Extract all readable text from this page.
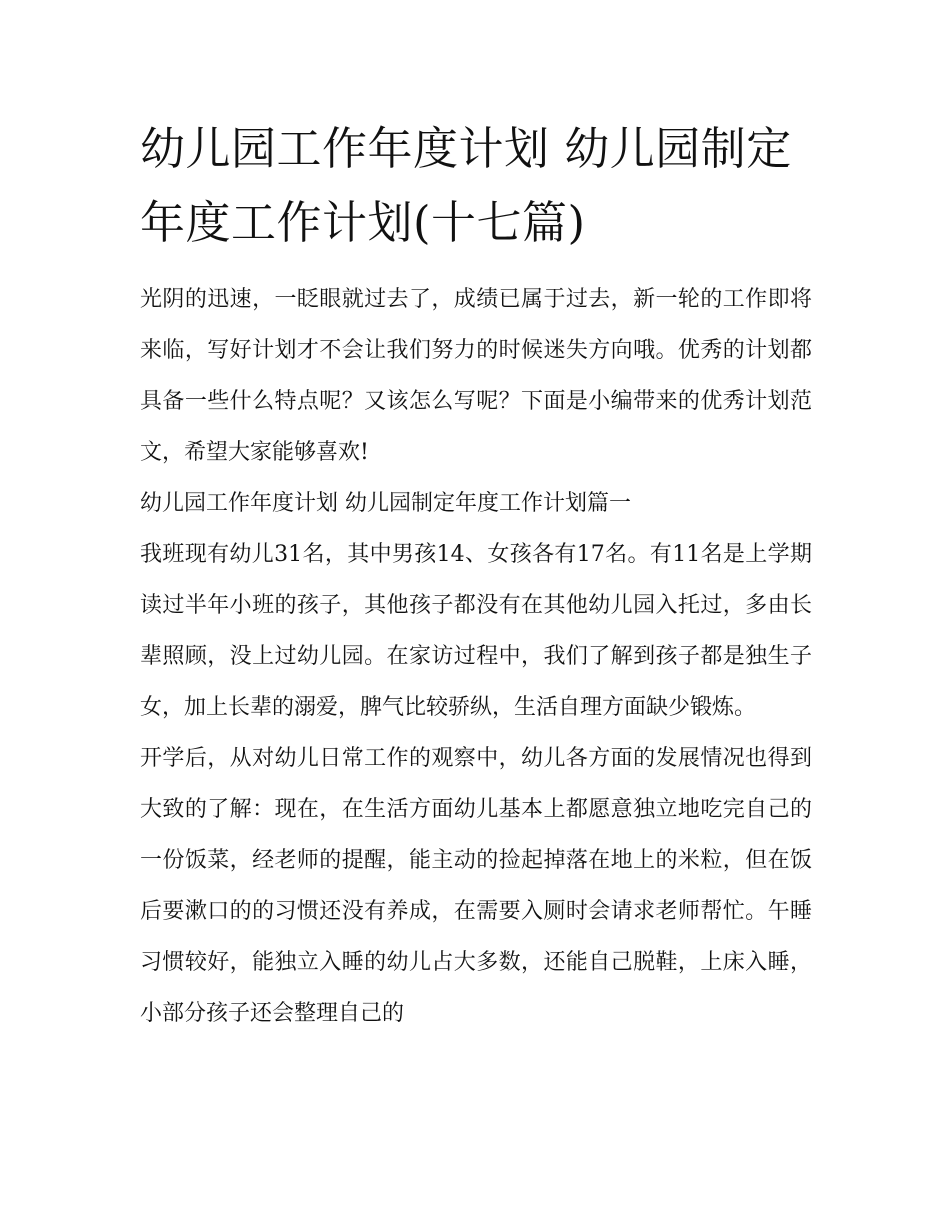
幼儿园工作年度计划 幼儿园制定年度工作计划(十七篇)

光阴的迅速，一眨眼就过去了，成绩已属于过去，新一轮的工作即将来临，写好计划才不会让我们努力的时候迷失方向哦。优秀的计划都具备一些什么特点呢？又该怎么写呢？下面是小编带来的优秀计划范文，希望大家能够喜欢!

幼儿园工作年度计划 幼儿园制定年度工作计划篇一

我班现有幼儿31名，其中男孩14、女孩各有17名。有11名是上学期读过半年小班的孩子，其他孩子都没有在其他幼儿园入托过，多由长辈照顾，没上过幼儿园。在家访过程中，我们了解到孩子都是独生子女，加上长辈的溺爱，脾气比较骄纵，生活自理方面缺少锻炼。

开学后，从对幼儿日常工作的观察中，幼儿各方面的发展情况也得到大致的了解：现在，在生活方面幼儿基本上都愿意独立地吃完自己的一份饭菜，经老师的提醒，能主动的捡起掉落在地上的米粒，但在饭后要漱口的的习惯还没有养成，在需要入厕时会请求老师帮忙。午睡习惯较好，能独立入睡的幼儿占大多数，还能自己脱鞋，上床入睡，小部分孩子还会整理自己的
